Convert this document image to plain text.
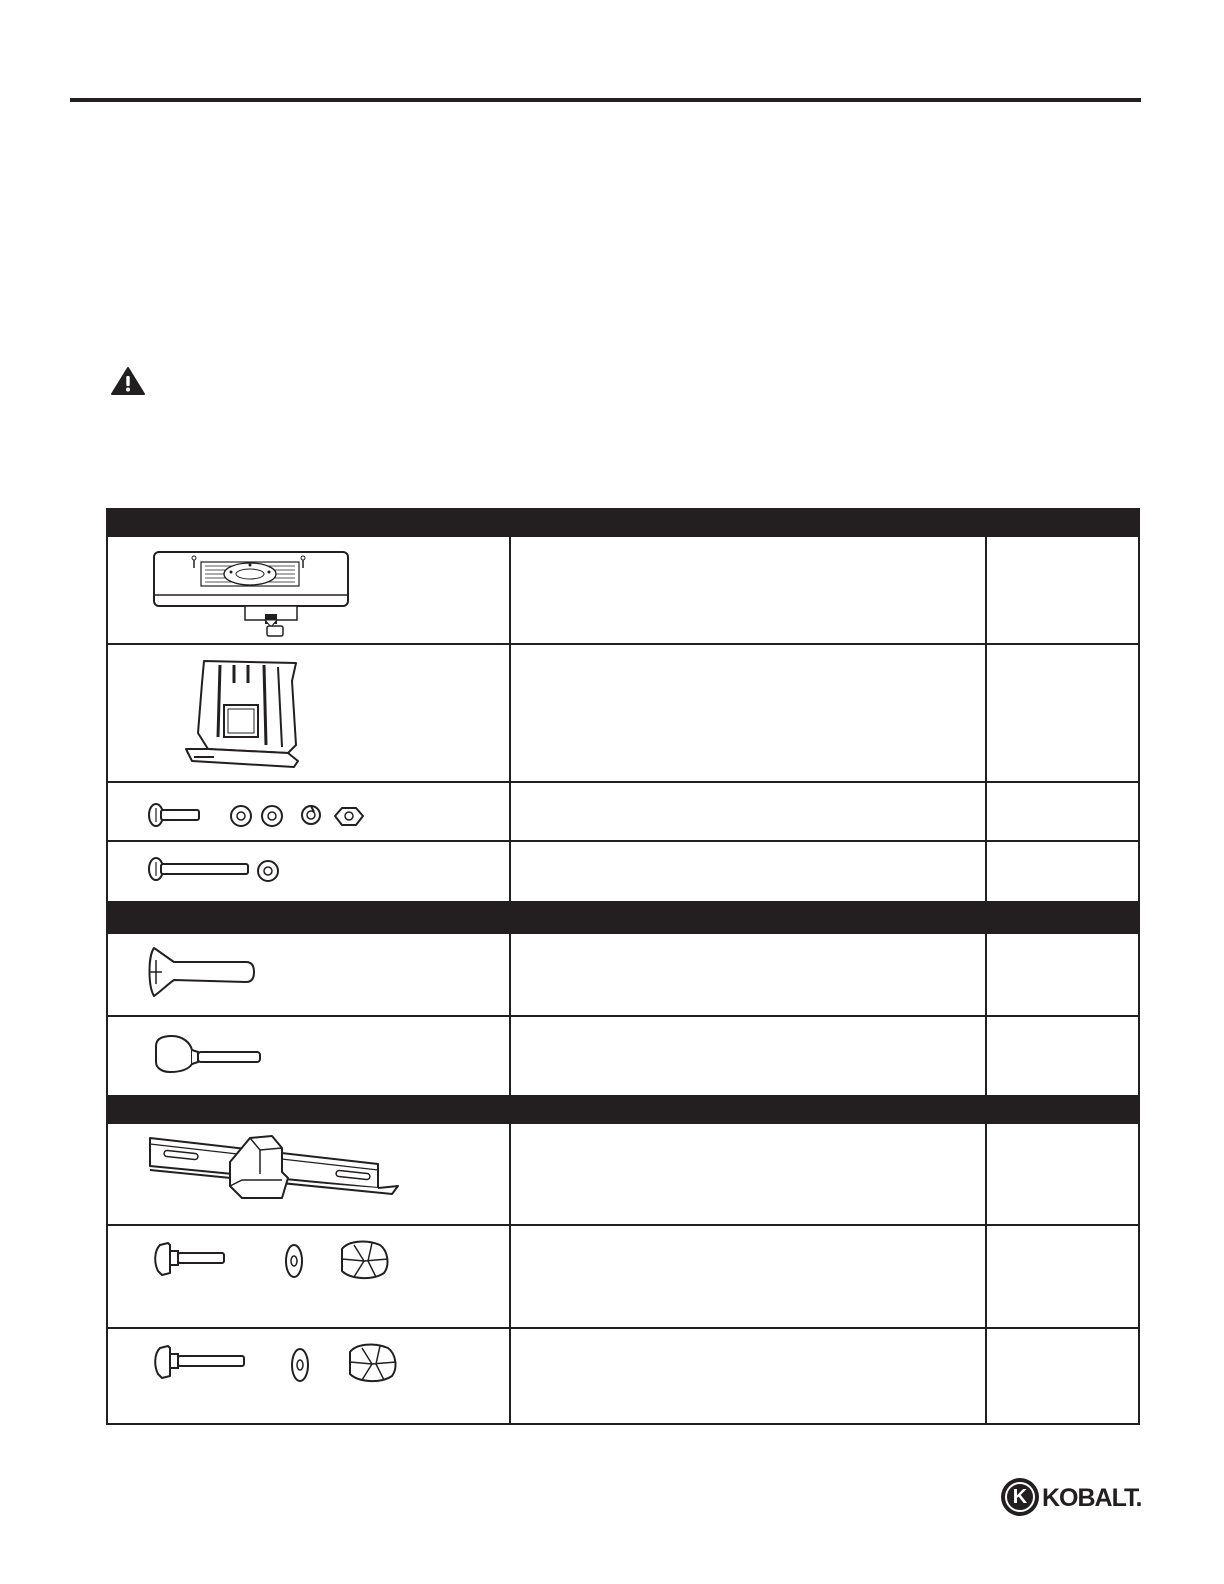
K KOBALT.
